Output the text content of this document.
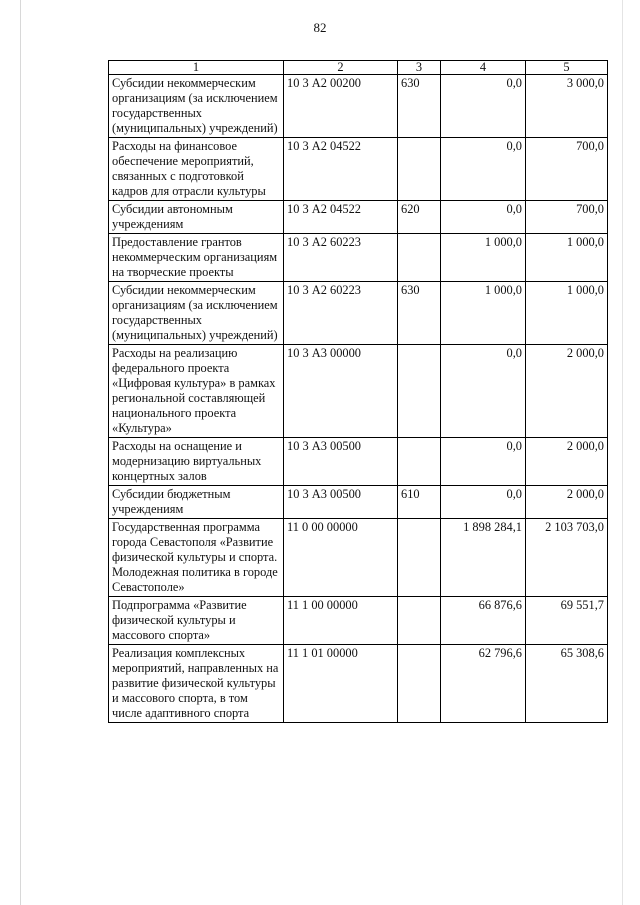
82
1	2	3	4	5
Субсидии некоммерческим организациям (за исключением государственных (муниципальных) учреждений)	10 3 А2 00200	630	0,0	3 000,0
Расходы на финансовое обеспечение мероприятий, связанных с подготовкой кадров для отрасли культуры	10 3 А2 04522		0,0	700,0
Субсидии автономным учреждениям	10 3 А2 04522	620	0,0	700,0
Предоставление грантов некоммерческим организациям на творческие проекты	10 3 А2 60223		1 000,0	1 000,0
Субсидии некоммерческим организациям (за исключением государственных (муниципальных) учреждений)	10 3 А2 60223	630	1 000,0	1 000,0
Расходы на реализацию федерального проекта «Цифровая культура» в рамках региональной составляющей национального проекта «Культура»	10 3 А3 00000		0,0	2 000,0
Расходы на оснащение и модернизацию виртуальных концертных залов	10 3 А3 00500		0,0	2 000,0
Субсидии бюджетным учреждениям	10 3 А3 00500	610	0,0	2 000,0
Государственная программа города Севастополя «Развитие физической культуры и спорта. Молодежная политика в городе Севастополе»	11 0 00 00000		1 898 284,1	2 103 703,0
Подпрограмма «Развитие физической культуры и массового спорта»	11 1 00 00000		66 876,6	69 551,7
Реализация комплексных мероприятий, направленных на развитие физической культуры и массового спорта, в том числе адаптивного спорта	11 1 01 00000		62 796,6	65 308,6
